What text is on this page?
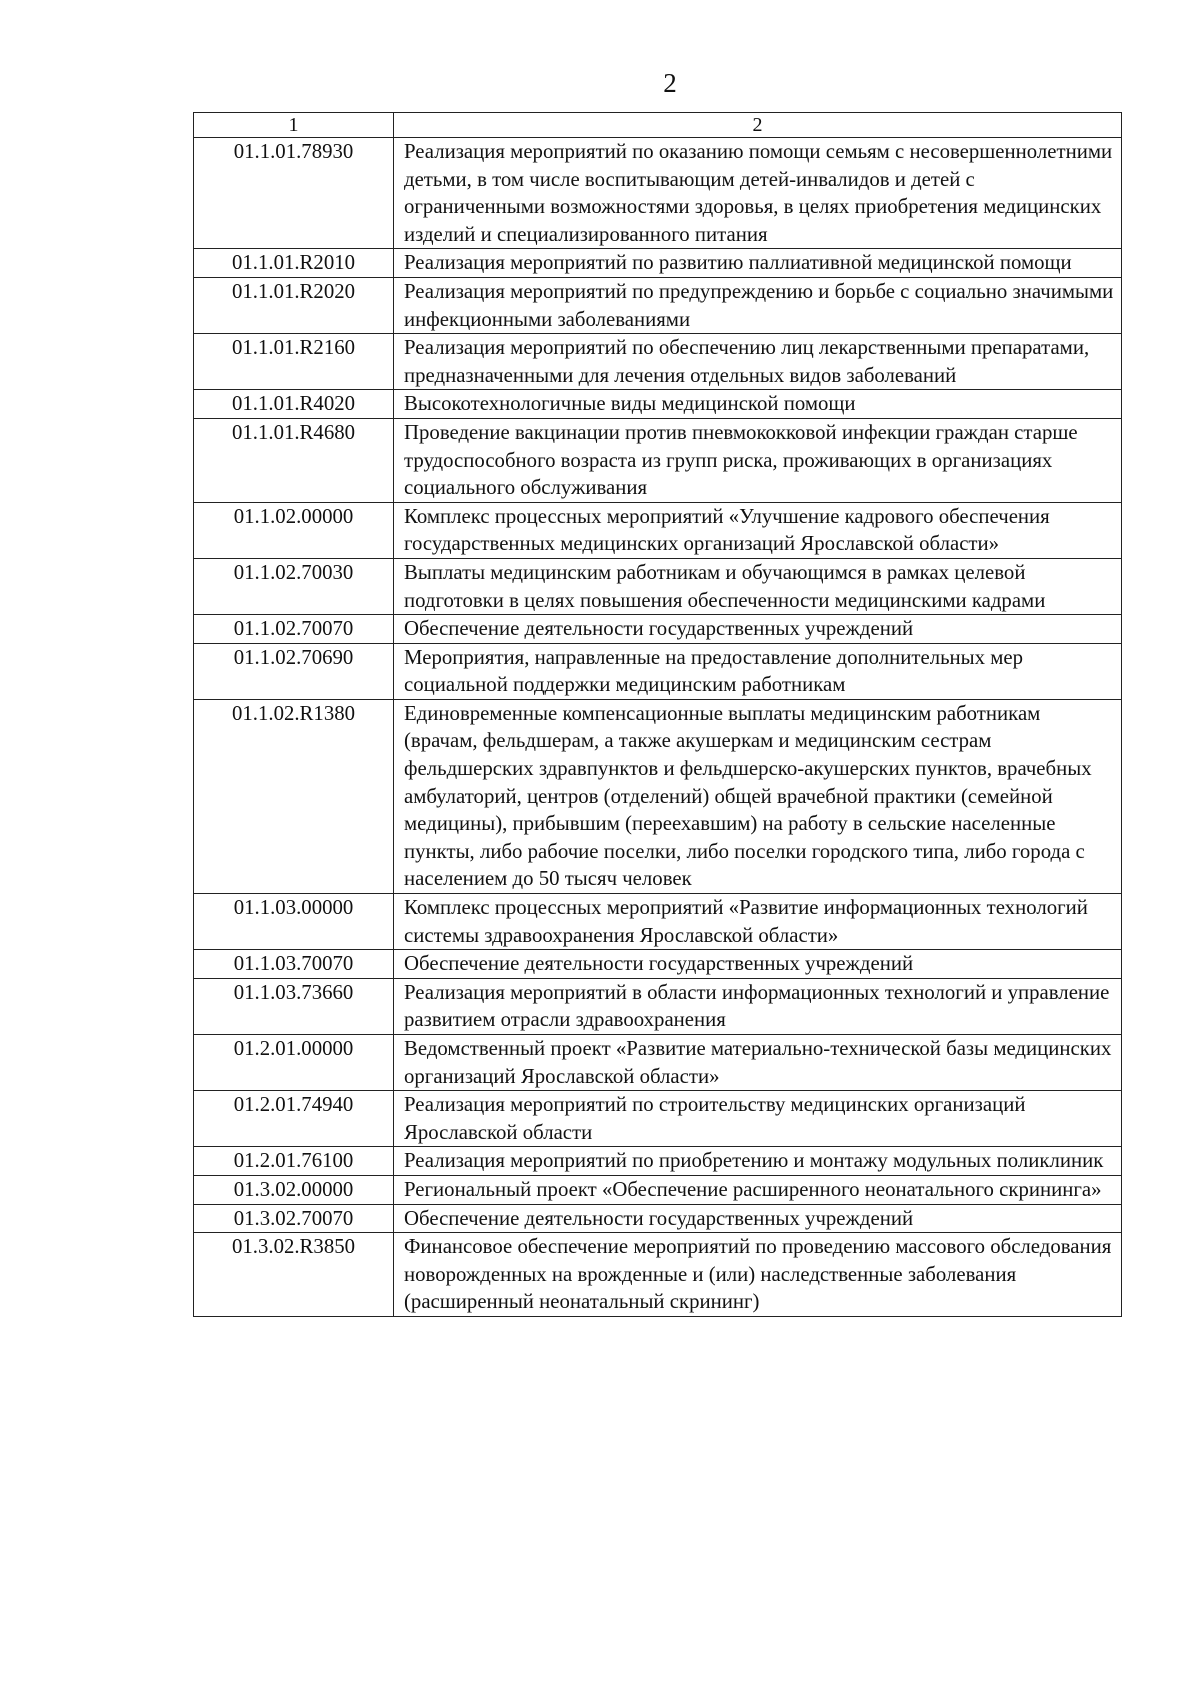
2
1	2
01.1.01.78930	Реализация мероприятий по оказанию помощи семьям с несовершеннолетними детьми, в том числе воспитывающим детей-инвалидов и детей с ограниченными возможностями здоровья, в целях приобретения медицинских изделий и специализированного питания
01.1.01.R2010	Реализация мероприятий по развитию паллиативной медицинской помощи
01.1.01.R2020	Реализация мероприятий по предупреждению и борьбе с социально значимыми инфекционными заболеваниями
01.1.01.R2160	Реализация мероприятий по обеспечению лиц лекарственными препаратами, предназначенными для лечения отдельных видов заболеваний
01.1.01.R4020	Высокотехнологичные виды медицинской помощи
01.1.01.R4680	Проведение вакцинации против пневмококковой инфекции граждан старше трудоспособного возраста из групп риска, проживающих в организациях социального обслуживания
01.1.02.00000	Комплекс процессных мероприятий «Улучшение кадрового обеспечения государственных медицинских организаций Ярославской области»
01.1.02.70030	Выплаты медицинским работникам и обучающимся в рамках целевой подготовки в целях повышения обеспеченности медицинскими кадрами
01.1.02.70070	Обеспечение деятельности государственных учреждений
01.1.02.70690	Мероприятия, направленные на предоставление дополнительных мер социальной поддержки медицинским работникам
01.1.02.R1380	Единовременные компенсационные выплаты медицинским работникам (врачам, фельдшерам, а также акушеркам и медицинским сестрам фельдшерских здравпунктов и фельдшерско-акушерских пунктов, врачебных амбулаторий, центров (отделений) общей врачебной практики (семейной медицины), прибывшим (переехавшим) на работу в сельские населенные пункты, либо рабочие поселки, либо поселки городского типа, либо города с населением до 50 тысяч человек
01.1.03.00000	Комплекс процессных мероприятий «Развитие информационных технологий системы здравоохранения Ярославской области»
01.1.03.70070	Обеспечение деятельности государственных учреждений
01.1.03.73660	Реализация мероприятий в области информационных технологий и управление развитием отрасли здравоохранения
01.2.01.00000	Ведомственный проект «Развитие материально-технической базы медицинских организаций Ярославской области»
01.2.01.74940	Реализация мероприятий по строительству медицинских организаций Ярославской области
01.2.01.76100	Реализация мероприятий по приобретению и монтажу модульных поликлиник
01.3.02.00000	Региональный проект «Обеспечение расширенного неонатального скрининга»
01.3.02.70070	Обеспечение деятельности государственных учреждений
01.3.02.R3850	Финансовое обеспечение мероприятий по проведению массового обследования новорожденных на врожденные и (или) наследственные заболевания (расширенный неонатальный скрининг)
